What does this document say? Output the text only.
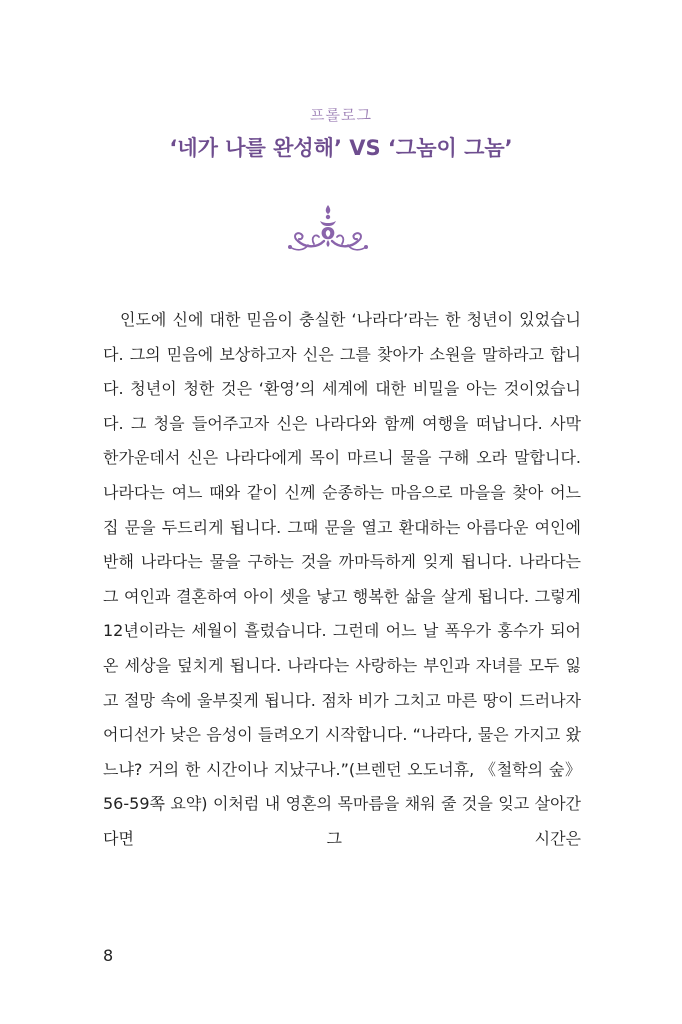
프롤로그
‘네가 나를 완성해’ VS ‘그놈이 그놈’

인도에 신에 대한 믿음이 충실한 ‘나라다’라는 한 청년이 있었습니다. 그의 믿음에 보상하고자 신은 그를 찾아가 소원을 말하라고 합니다. 청년이 청한 것은 ‘환영’의 세계에 대한 비밀을 아는 것이었습니다. 그 청을 들어주고자 신은 나라다와 함께 여행을 떠납니다. 사막 한가운데서 신은 나라다에게 목이 마르니 물을 구해 오라 말합니다. 나라다는 여느 때와 같이 신께 순종하는 마음으로 마을을 찾아 어느 집 문을 두드리게 됩니다. 그때 문을 열고 환대하는 아름다운 여인에 반해 나라다는 물을 구하는 것을 까마득하게 잊게 됩니다. 나라다는 그 여인과 결혼하여 아이 셋을 낳고 행복한 삶을 살게 됩니다. 그렇게 12년이라는 세월이 흘렀습니다. 그런데 어느 날 폭우가 홍수가 되어 온 세상을 덮치게 됩니다. 나라다는 사랑하는 부인과 자녀를 모두 잃고 절망 속에 울부짖게 됩니다. 점차 비가 그치고 마른 땅이 드러나자 어디선가 낮은 음성이 들려오기 시작합니다. “나라다, 물은 가지고 왔느냐? 거의 한 시간이나 지났구나.”(브렌던 오도너휴, 《철학의 숲》 56-59쪽 요약) 이처럼 내 영혼의 목마름을 채워 줄 것을 잊고 살아간다면 그 시간은

8
